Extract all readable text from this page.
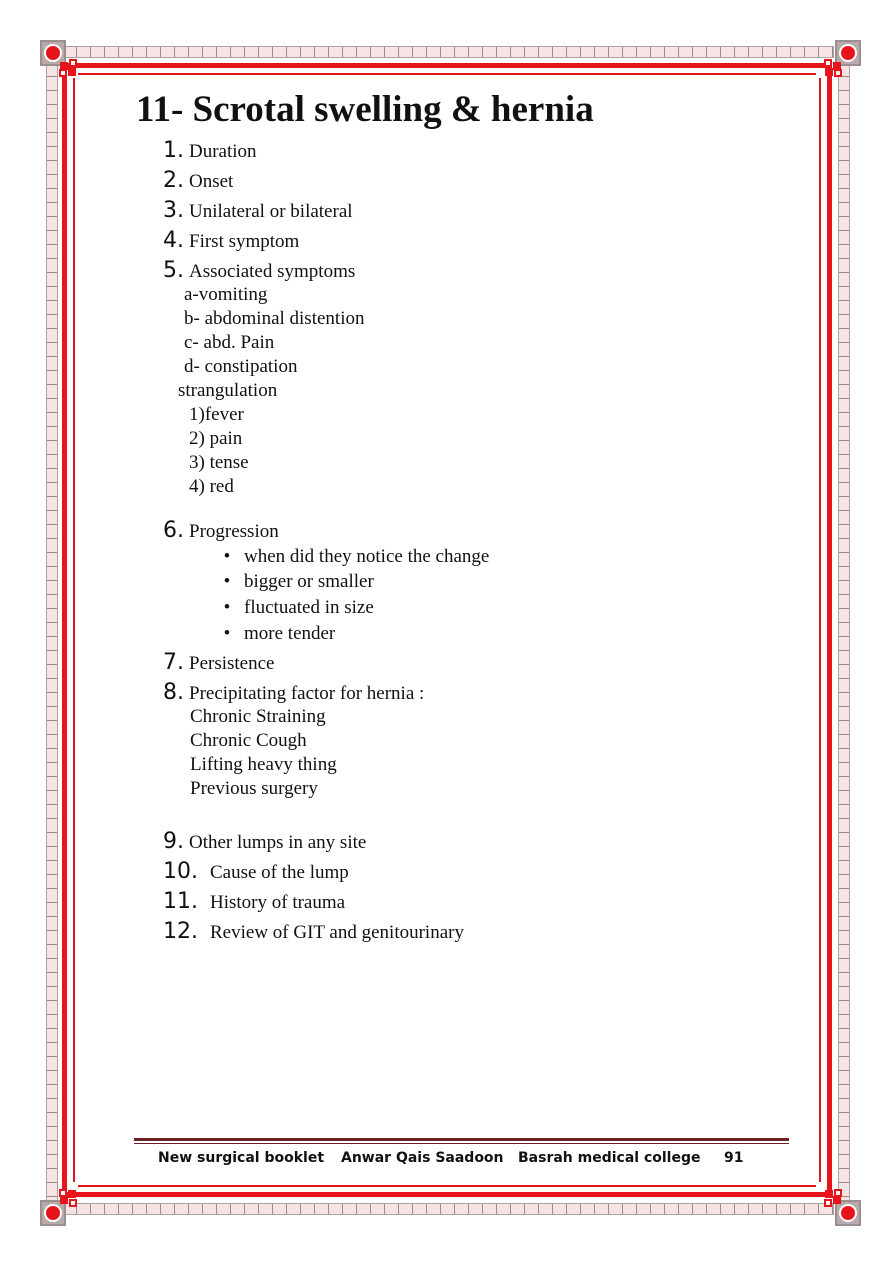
11- Scrotal swelling & hernia
1. Duration
2. Onset
3. Unilateral or bilateral
4. First symptom
5. Associated symptoms
a-vomiting
b- abdominal distention
c- abd. Pain
d- constipation
strangulation
1)fever
2) pain
3) tense
4) red
6. Progression
• when did they notice the change
• bigger or smaller
• fluctuated in size
• more tender
7. Persistence
8. Precipitating factor for hernia :
Chronic Straining
Chronic Cough
Lifting heavy thing
Previous surgery
9. Other lumps in any site
10. Cause of the lump
11. History of trauma
12. Review of GIT and genitourinary
New surgical booklet Anwar Qais Saadoon Basrah medical college 91
